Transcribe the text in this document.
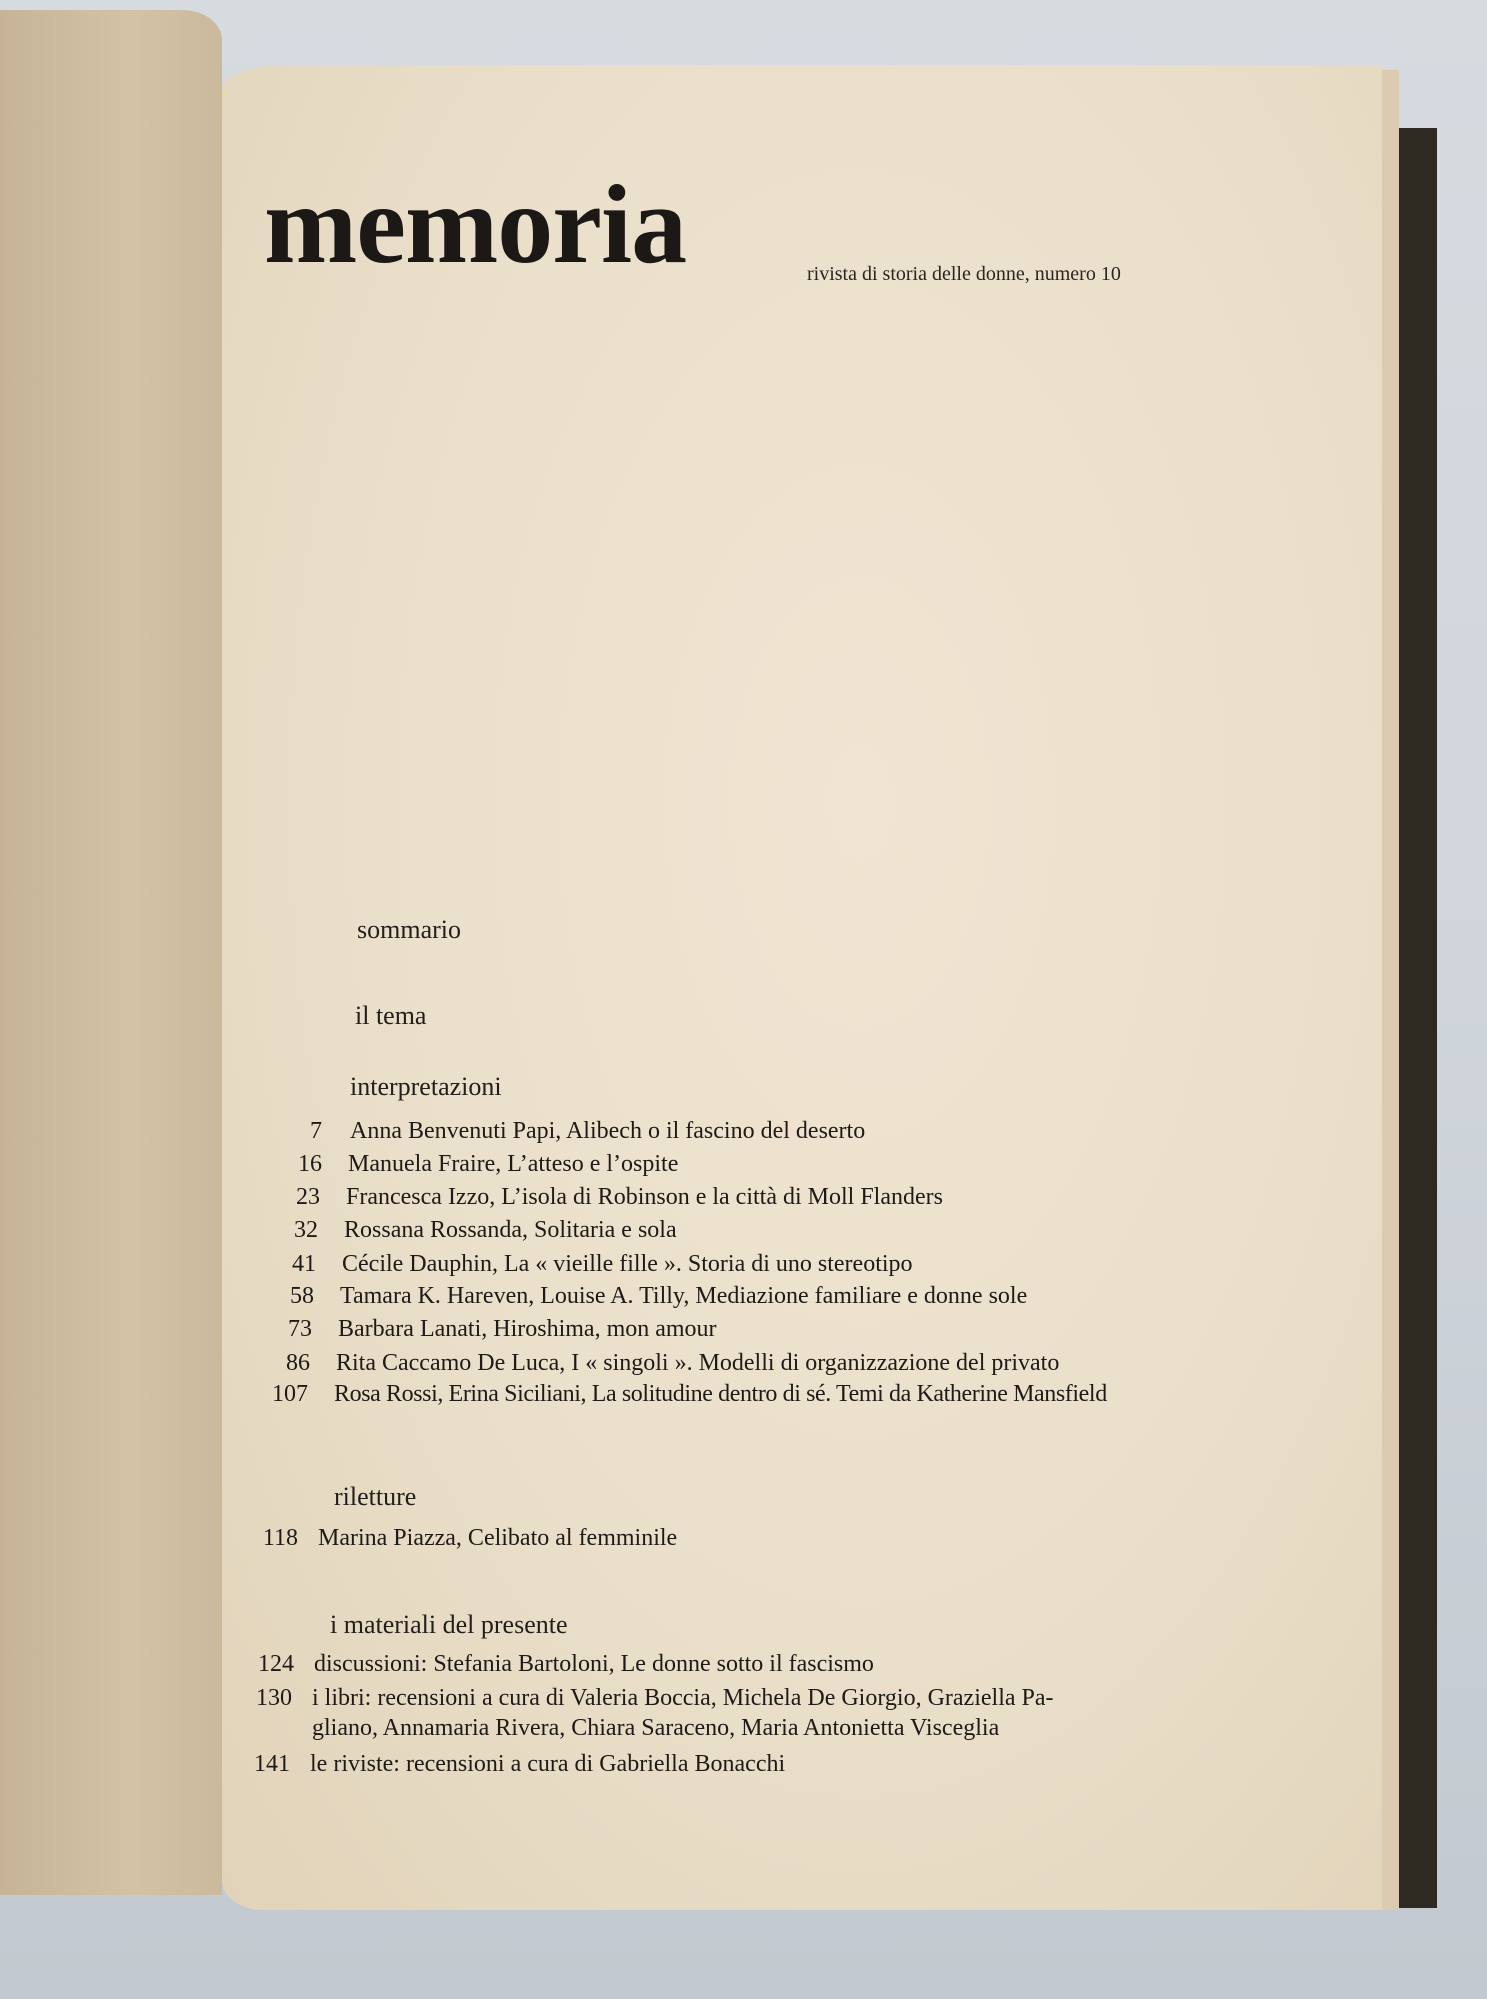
memoria	rivista di storia delle donne, numero 10
sommario
il tema
interpretazioni
7 Anna Benvenuti Papi, Alibech o il fascino del deserto
16 Manuela Fraire, L’atteso e l’ospite
23 Francesca Izzo, L’isola di Robinson e la città di Moll Flanders
32 Rossana Rossanda, Solitaria e sola
41 Cécile Dauphin, La « vieille fille ». Storia di uno stereotipo
58 Tamara K. Hareven, Louise A. Tilly, Mediazione familiare e donne sole
73 Barbara Lanati, Hiroshima, mon amour
86 Rita Caccamo De Luca, I « singoli ». Modelli di organizzazione del privato
107 Rosa Rossi, Erina Siciliani, La solitudine dentro di sé. Temi da Katherine Mansfield
riletture
118 Marina Piazza, Celibato al femminile
i materiali del presente
124 discussioni: Stefania Bartoloni, Le donne sotto il fascismo
130 i libri: recensioni a cura di Valeria Boccia, Michela De Giorgio, Graziella Pa-
gliano, Annamaria Rivera, Chiara Saraceno, Maria Antonietta Visceglia
141 le riviste: recensioni a cura di Gabriella Bonacchi
